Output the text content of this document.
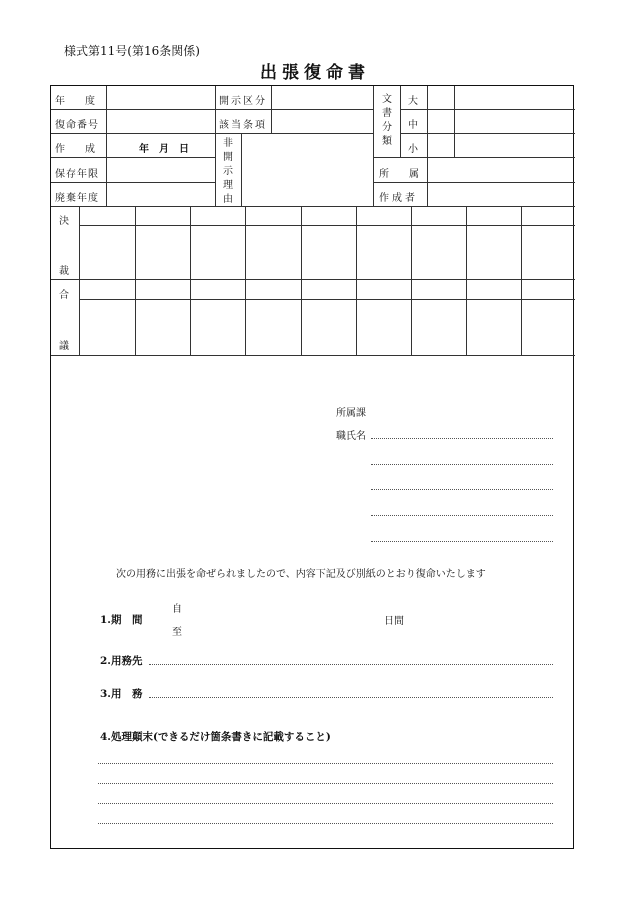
様式第11号(第16条関係)
出張復命書
年　　度
復命番号
作　　成	年　月　日
保存年限
廃棄年度
開示区分
該当条項
非
開
示
理
由
文
書
分
類
大
中
小
所　　属
作成者
決
裁
合
議
所属課
職氏名
次の用務に出張を命ぜられましたので、内容下記及び別紙のとおり復命いたします
1.期　間
自
至
日間
2.用務先
3.用　務
4.処理顛末(できるだけ箇条書きに記載すること)
